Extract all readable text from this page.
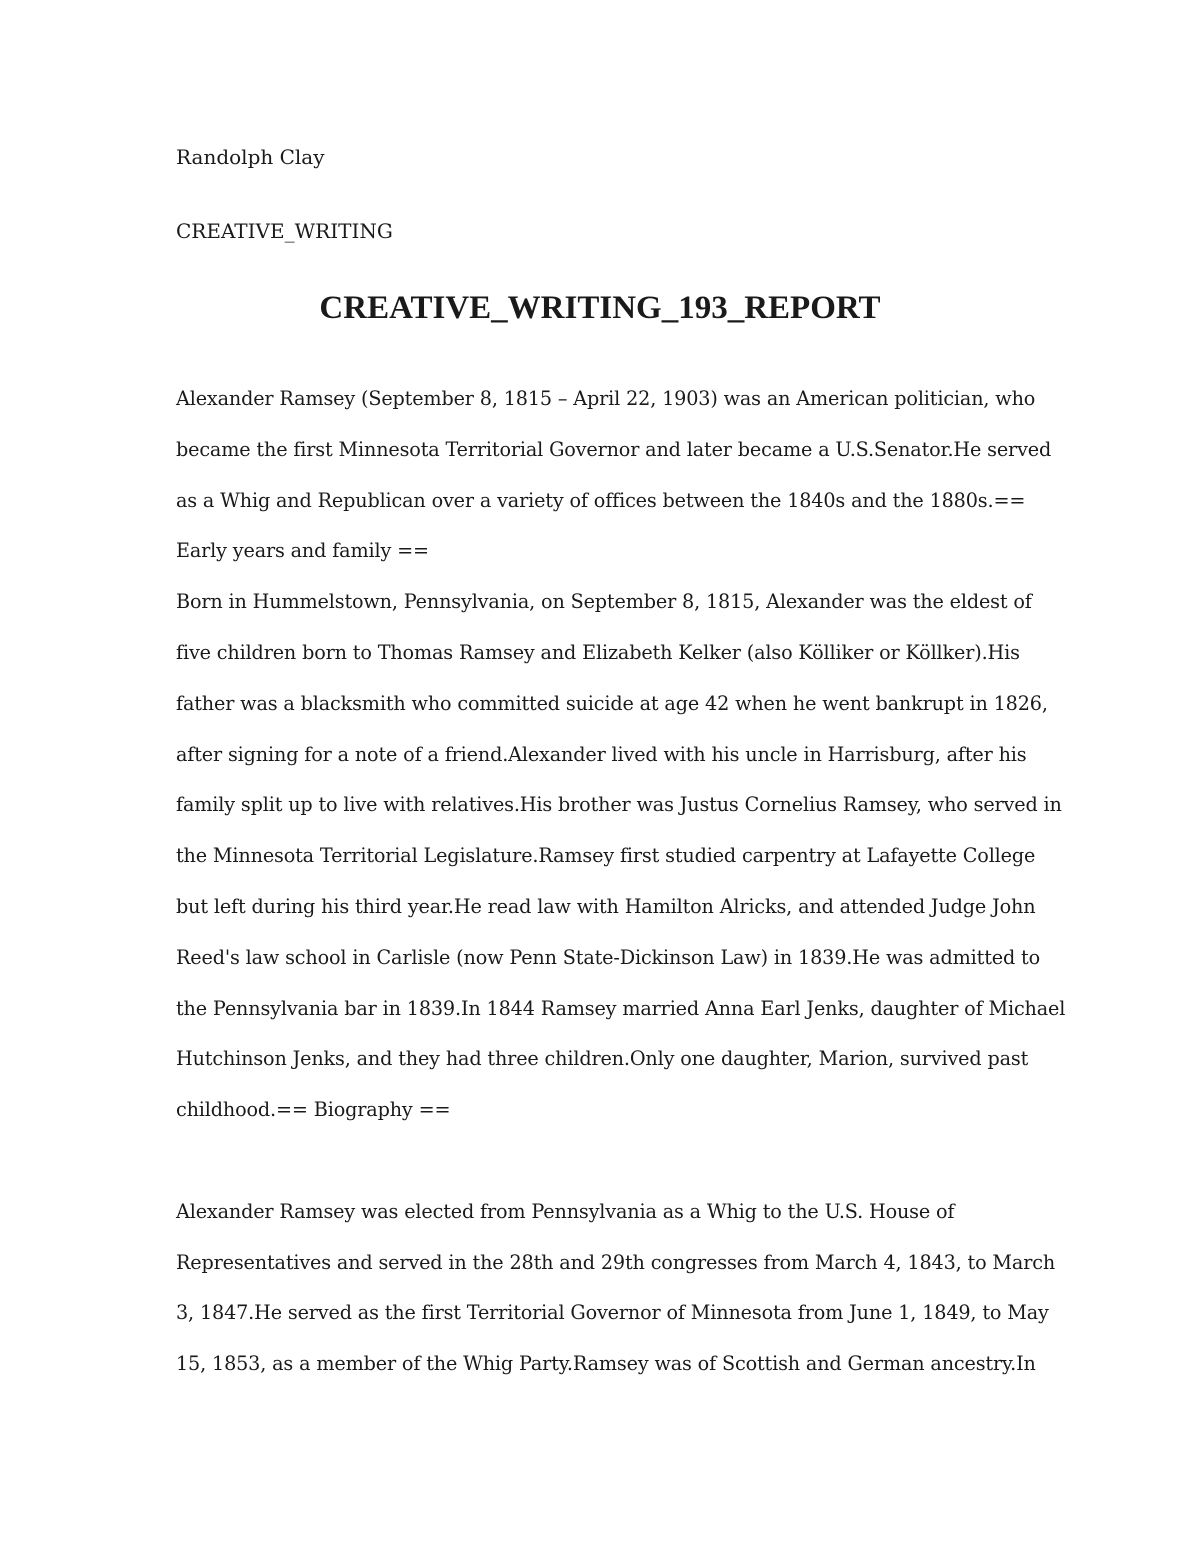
Randolph Clay
CREATIVE_WRITING
CREATIVE_WRITING_193_REPORT
Alexander Ramsey (September 8, 1815 – April 22, 1903) was an American politician, who
became the first Minnesota Territorial Governor and later became a U.S.Senator.He served
as a Whig and Republican over a variety of offices between the 1840s and the 1880s.==
Early years and family ==
Born in Hummelstown, Pennsylvania, on September 8, 1815, Alexander was the eldest of
five children born to Thomas Ramsey and Elizabeth Kelker (also Kölliker or Köllker).His
father was a blacksmith who committed suicide at age 42 when he went bankrupt in 1826,
after signing for a note of a friend.Alexander lived with his uncle in Harrisburg, after his
family split up to live with relatives.His brother was Justus Cornelius Ramsey, who served in
the Minnesota Territorial Legislature.Ramsey first studied carpentry at Lafayette College
but left during his third year.He read law with Hamilton Alricks, and attended Judge John
Reed's law school in Carlisle (now Penn State-Dickinson Law) in 1839.He was admitted to
the Pennsylvania bar in 1839.In 1844 Ramsey married Anna Earl Jenks, daughter of Michael
Hutchinson Jenks, and they had three children.Only one daughter, Marion, survived past
childhood.== Biography ==
Alexander Ramsey was elected from Pennsylvania as a Whig to the U.S. House of
Representatives and served in the 28th and 29th congresses from March 4, 1843, to March
3, 1847.He served as the first Territorial Governor of Minnesota from June 1, 1849, to May
15, 1853, as a member of the Whig Party.Ramsey was of Scottish and German ancestry.In
